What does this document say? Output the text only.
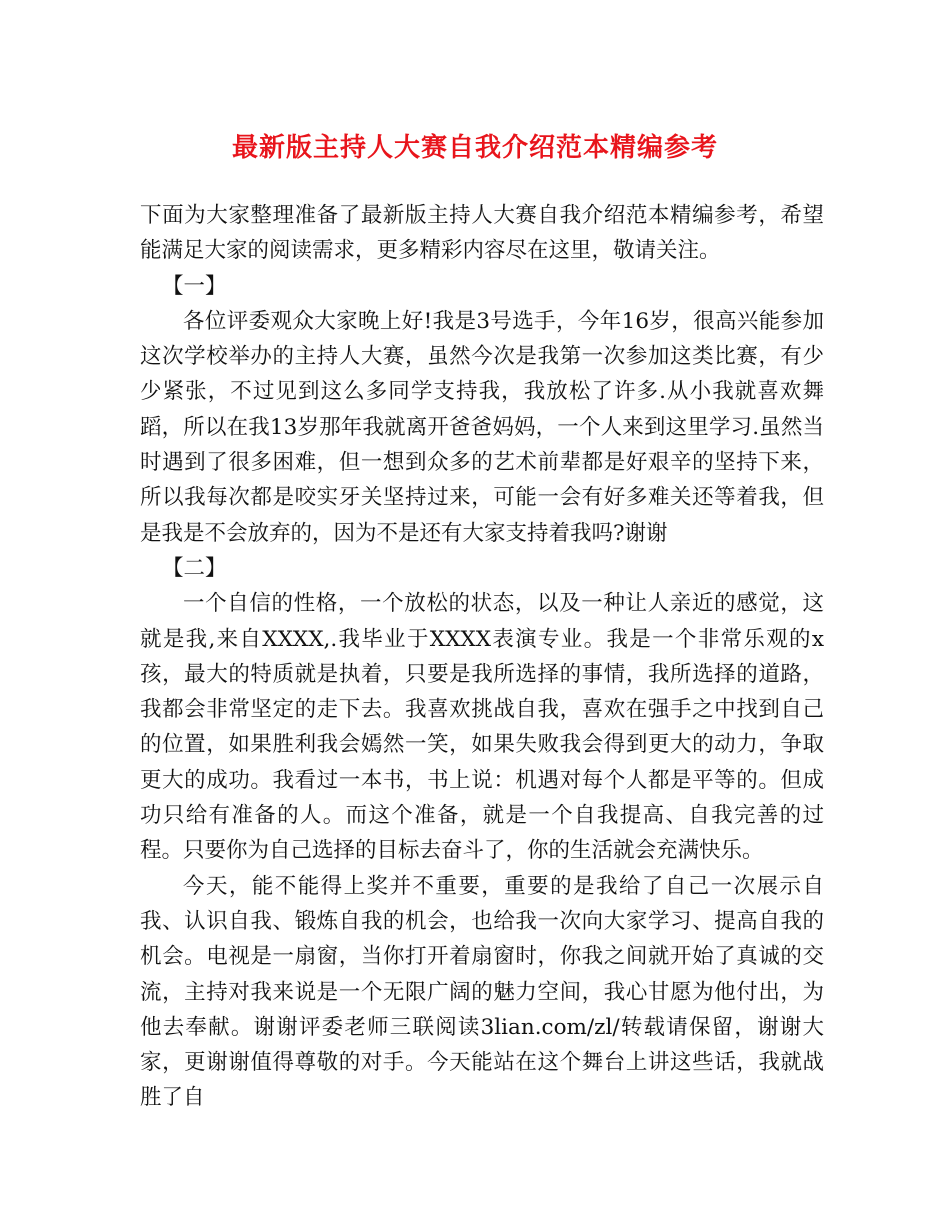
最新版主持人大赛自我介绍范本精编参考

下面为大家整理准备了最新版主持人大赛自我介绍范本精编参考，希望能满足大家的阅读需求，更多精彩内容尽在这里，敬请关注。

【一】

各位评委观众大家晚上好!我是3号选手，今年16岁，很高兴能参加这次学校举办的主持人大赛，虽然今次是我第一次参加这类比赛，有少少紧张，不过见到这么多同学支持我，我放松了许多.从小我就喜欢舞蹈，所以在我13岁那年我就离开爸爸妈妈，一个人来到这里学习.虽然当时遇到了很多困难，但一想到众多的艺术前辈都是好艰辛的坚持下来，所以我每次都是咬实牙关坚持过来，可能一会有好多难关还等着我，但是我是不会放弃的，因为不是还有大家支持着我吗?谢谢

【二】

一个自信的性格，一个放松的状态，以及一种让人亲近的感觉，这就是我,来自XXXX,.我毕业于XXXX表演专业。我是一个非常乐观的x孩，最大的特质就是执着，只要是我所选择的事情，我所选择的道路，我都会非常坚定的走下去。我喜欢挑战自我，喜欢在强手之中找到自己的位置，如果胜利我会嫣然一笑，如果失败我会得到更大的动力，争取更大的成功。我看过一本书，书上说：机遇对每个人都是平等的。但成功只给有准备的人。而这个准备，就是一个自我提高、自我完善的过程。只要你为自己选择的目标去奋斗了，你的生活就会充满快乐。

今天，能不能得上奖并不重要，重要的是我给了自己一次展示自我、认识自我、锻炼自我的机会，也给我一次向大家学习、提高自我的机会。电视是一扇窗，当你打开着扇窗时，你我之间就开始了真诚的交流，主持对我来说是一个无限广阔的魅力空间，我心甘愿为他付出，为他去奉献。谢谢评委老师三联阅读3lian.com/zl/转载请保留，谢谢大家，更谢谢值得尊敬的对手。今天能站在这个舞台上讲这些话，我就战胜了自
